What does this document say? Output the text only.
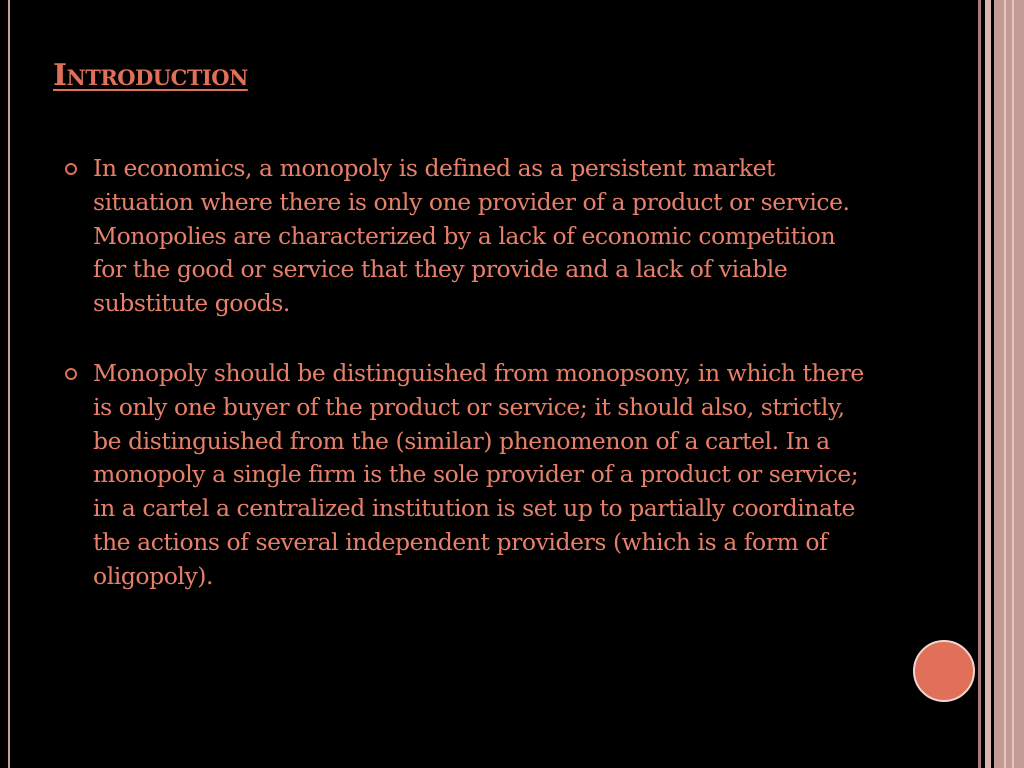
Introduction
In economics, a monopoly is defined as a persistent market situation where there is only one provider of a product or service. Monopolies are characterized by a lack of economic competition for the good or service that they provide and a lack of viable substitute goods.
Monopoly should be distinguished from monopsony, in which there is only one buyer of the product or service; it should also, strictly, be distinguished from the (similar) phenomenon of a cartel. In a monopoly a single firm is the sole provider of a product or service; in a cartel a centralized institution is set up to partially coordinate the actions of several independent providers (which is a form of oligopoly).
